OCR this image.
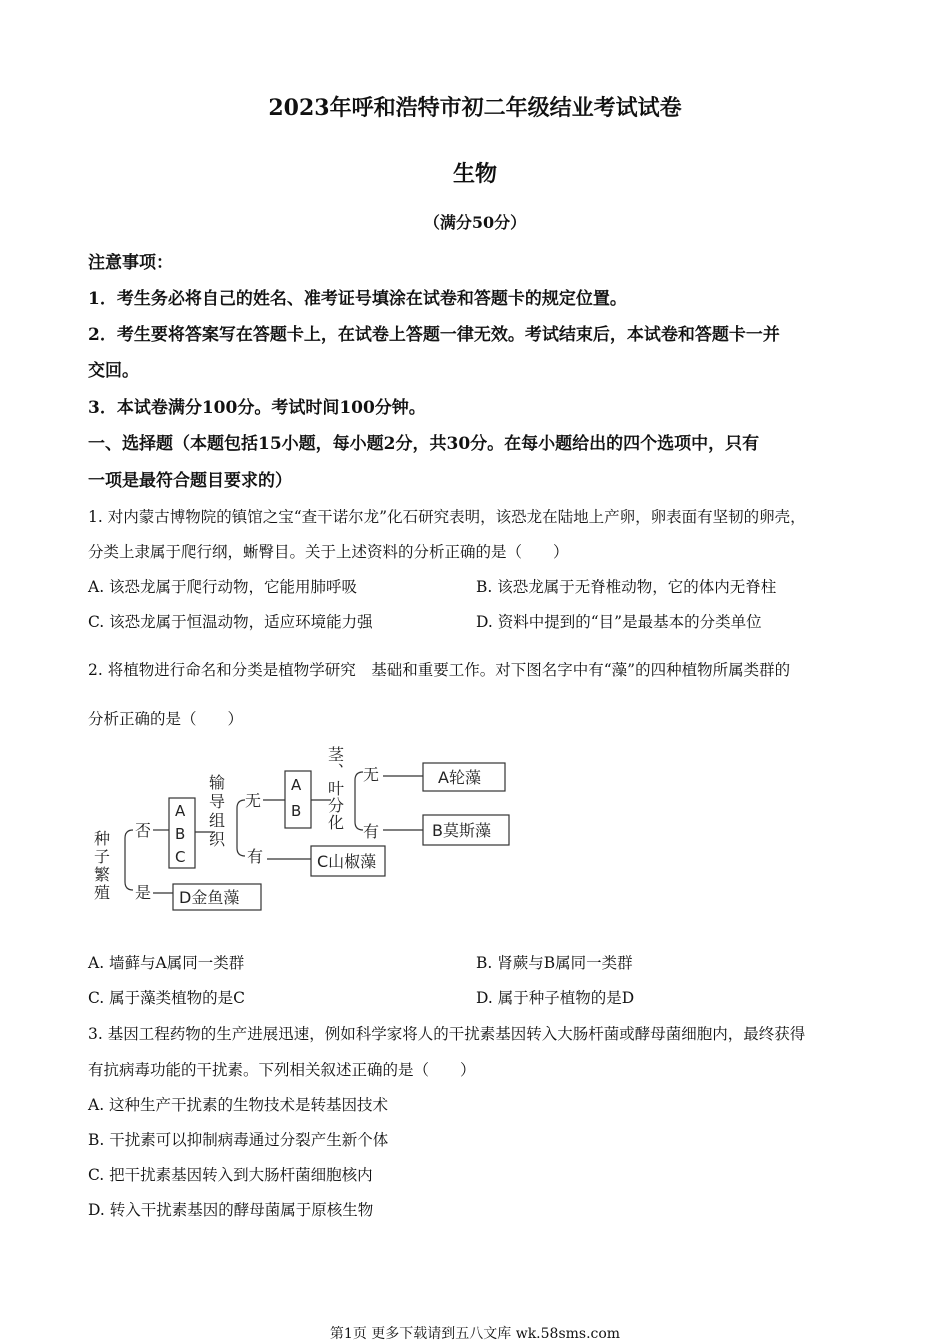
2023年呼和浩特市初二年级结业考试试卷
生物
（满分50分）
注意事项：
1．考生务必将自己的姓名、准考证号填涂在试卷和答题卡的规定位置。
2．考生要将答案写在答题卡上，在试卷上答题一律无效。考试结束后，本试卷和答题卡一并
交回。
3．本试卷满分100分。考试时间100分钟。
一、选择题（本题包括15小题，每小题2分，共30分。在每小题给出的四个选项中，只有
一项是最符合题目要求的）
1. 对内蒙古博物院的镇馆之宝“查干诺尔龙”化石研究表明，该恐龙在陆地上产卵，卵表面有坚韧的卵壳，
分类上隶属于爬行纲，蜥臀目。关于上述资料的分析正确的是（　　）
A. 该恐龙属于爬行动物，它能用肺呼吸	B. 该恐龙属于无脊椎动物，它的体内无脊柱
C. 该恐龙属于恒温动物，适应环境能力强	D. 资料中提到的“目”是最基本的分类单位
2. 将植物进行命名和分类是植物学研究　基础和重要工作。对下图名字中有“藻”的四种植物所属类群的
分析正确的是（　　）
种子繁殖 否
是
A
B
C
输导组织 无
有
A
B 茎、叶分化 无
有
A轮藻
B莫斯藻
C山椒藻
D金鱼藻
A. 墙藓与A属同一类群	B. 肾蕨与B属同一类群
C. 属于藻类植物的是C	D. 属于种子植物的是D
3. 基因工程药物的生产进展迅速，例如科学家将人的干扰素基因转入大肠杆菌或酵母菌细胞内，最终获得
有抗病毒功能的干扰素。下列相关叙述正确的是（　　）
A. 这种生产干扰素的生物技术是转基因技术
B. 干扰素可以抑制病毒通过分裂产生新个体
C. 把干扰素基因转入到大肠杆菌细胞核内
D. 转入干扰素基因的酵母菌属于原核生物
第1页 更多下载请到五八文库 wk.58sms.com
